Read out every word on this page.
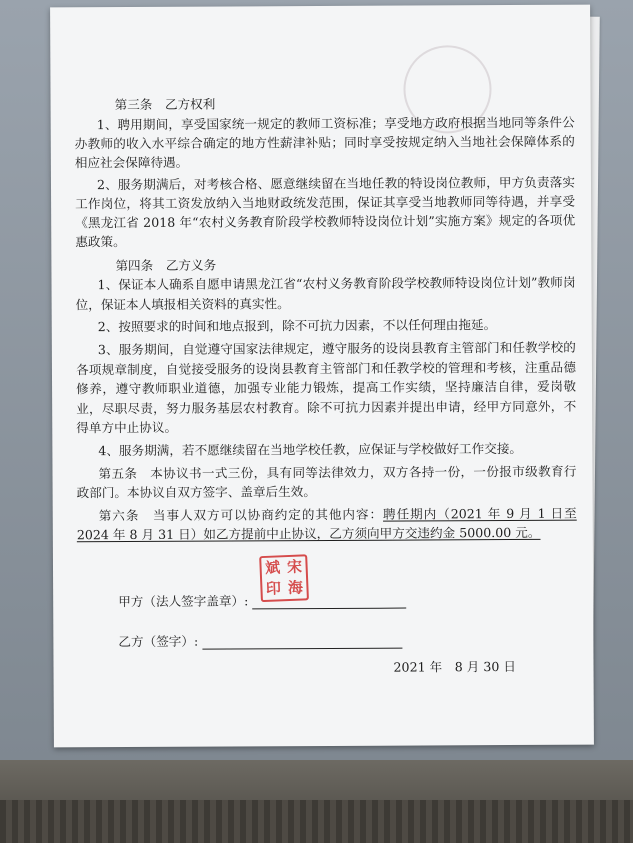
第三条　乙方权利
1、聘用期间，享受国家统一规定的教师工资标准；享受地方政府根据当地同等条件公办教师的收入水平综合确定的地方性薪津补贴；同时享受按规定纳入当地社会保障体系的相应社会保障待遇。
2、服务期满后，对考核合格、愿意继续留在当地任教的特设岗位教师，甲方负责落实工作岗位，将其工资发放纳入当地财政统发范围，保证其享受当地教师同等待遇，并享受《黑龙江省 2018 年“农村义务教育阶段学校教师特设岗位计划”实施方案》规定的各项优惠政策。
第四条　乙方义务
1、保证本人确系自愿申请黑龙江省“农村义务教育阶段学校教师特设岗位计划”教师岗位，保证本人填报相关资料的真实性。
2、按照要求的时间和地点报到，除不可抗力因素，不以任何理由拖延。
3、服务期间，自觉遵守国家法律规定，遵守服务的设岗县教育主管部门和任教学校的各项规章制度，自觉接受服务的设岗县教育主管部门和任教学校的管理和考核，注重品德修养，遵守教师职业道德，加强专业能力锻炼，提高工作实绩，坚持廉洁自律，爱岗敬业，尽职尽责，努力服务基层农村教育。除不可抗力因素并提出申请，经甲方同意外，不得单方中止协议。
4、服务期满，若不愿继续留在当地学校任教，应保证与学校做好工作交接。
第五条　本协议书一式三份，具有同等法律效力，双方各持一份，一份报市级教育行政部门。本协议自双方签字、盖章后生效。
第六条　当事人双方可以协商约定的其他内容：聘任期内（2021 年 9 月 1 日至 2024 年 8 月 31 日）如乙方提前中止协议，乙方须向甲方交违约金 5000.00 元。
甲方（法人签字盖章）:
斌 宋
印 海
乙方（签字）:
2021 年　8 月 30 日
